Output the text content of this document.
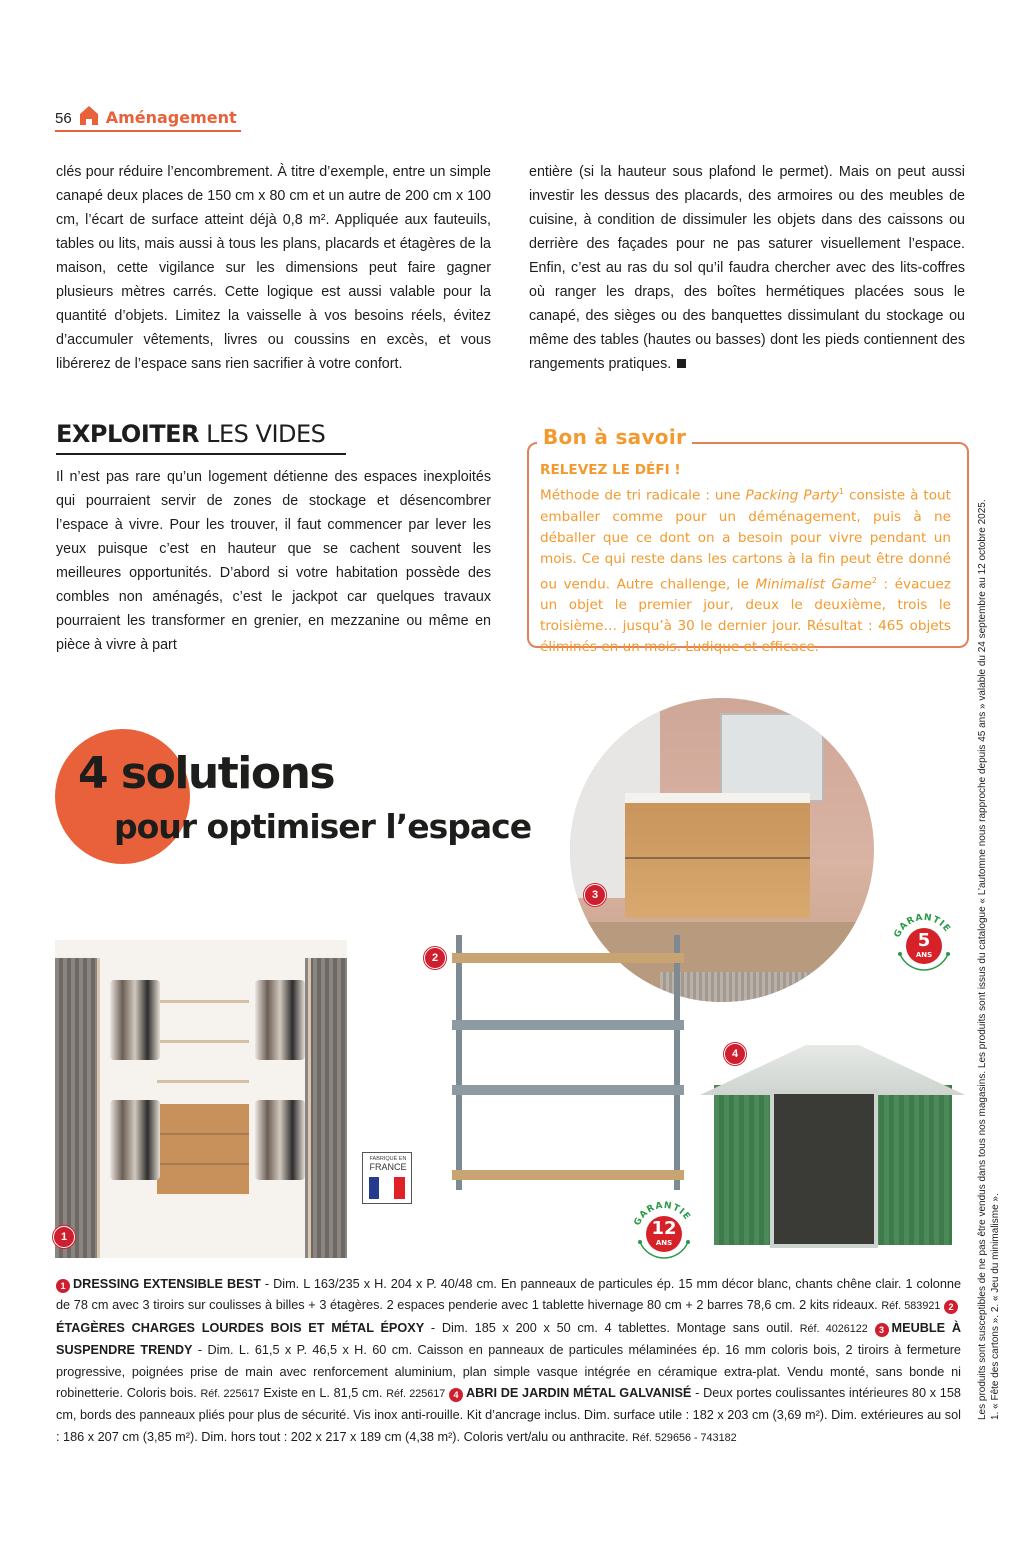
56 Aménagement

clés pour réduire l’encombrement. À titre d’exemple, entre un simple canapé deux places de 150 cm x 80 cm et un autre de 200 cm x 100 cm, l’écart de surface atteint déjà 0,8 m². Appliquée aux fauteuils, tables ou lits, mais aussi à tous les plans, placards et étagères de la maison, cette vigilance sur les dimensions peut faire gagner plusieurs mètres carrés. Cette logique est aussi valable pour la quantité d’objets. Limitez la vaisselle à vos besoins réels, évitez d’accumuler vêtements, livres ou coussins en excès, et vous libérerez de l’espace sans rien sacrifier à votre confort.

EXPLOITER LES VIDES

Il n’est pas rare qu’un logement détienne des espaces inexploités qui pourraient servir de zones de stockage et désencombrer l’espace à vivre. Pour les trouver, il faut commencer par lever les yeux puisque c’est en hauteur que se cachent souvent les meilleures opportunités. D’abord si votre habitation possède des combles non aménagés, c’est le jackpot car quelques travaux pourraient les transformer en grenier, en mezzanine ou même en pièce à vivre à part

entière (si la hauteur sous plafond le permet). Mais on peut aussi investir les dessus des placards, des armoires ou des meubles de cuisine, à condition de dissimuler les objets dans des caissons ou derrière des façades pour ne pas saturer visuellement l’espace. Enfin, c’est au ras du sol qu’il faudra chercher avec des lits-coffres où ranger les draps, des boîtes hermétiques placées sous le canapé, des sièges ou des banquettes dissimulant du stockage ou même des tables (hautes ou basses) dont les pieds contiennent des rangements pratiques.

Bon à savoir
RELEVEZ LE DÉFI !
Méthode de tri radicale : une Packing Party$^1$ consiste à tout emballer comme pour un déménagement, puis à ne déballer que ce dont on a besoin pour vivre pendant un mois. Ce qui reste dans les cartons à la fin peut être donné ou vendu. Autre challenge, le Minimalist Game$^2$ : évacuez un objet le premier jour, deux le deuxième, trois le troisième… jusqu’à 30 le dernier jour. Résultat : 465 objets éliminés en un mois. Ludique et efficace.
4 solutions
pour optimiser l’espace
1
2
3
4
FABRIQUÉ EN
FRANCE
GARANTIE
5
ANS
GARANTIE
12
ANS
1 DRESSING EXTENSIBLE BEST - Dim. L 163/235 x H. 204 x P. 40/48 cm. En panneaux de particules ép. 15 mm décor blanc, chants chêne clair. 1 colonne de 78 cm avec 3 tiroirs sur coulisses à billes + 3 étagères. 2 espaces penderie avec 1 tablette hivernage 80 cm + 2 barres 78,6 cm. 2 kits rideaux. Réf. 583921 2ÉTAGÈRES CHARGES LOURDES BOIS ET MÉTAL ÉPOXY - Dim. 185 x 200 x 50 cm. 4 tablettes. Montage sans outil. Réf. 4026122 3 MEUBLE À SUSPENDRE TRENDY - Dim. L. 61,5 x P. 46,5 x H. 60 cm. Caisson en panneaux de particules mélaminées ép. 16 mm coloris bois, 2 tiroirs à fermeture progressive, poignées prise de main avec renforcement aluminium, plan simple vasque intégrée en céramique extra-plat. Vendu monté, sans bonde ni robinetterie. Coloris bois. Réf. 225617 Existe en L. 81,5 cm. Réf. 225617 4 ABRI DE JARDIN MÉTAL GALVANISÉ - Deux portes coulissantes intérieures 80 x 158 cm, bords des panneaux pliés pour plus de sécurité. Vis inox anti-rouille. Kit d’ancrage inclus. Dim. surface utile : 182 x 203 cm (3,69 m²). Dim. extérieures au sol : 186 x 207 cm (3,85 m²). Dim. hors tout : 202 x 217 x 189 cm (4,38 m²). Coloris vert/alu ou anthracite. Réf. 529656 - 743182
Les produits sont susceptibles de ne pas être vendus dans tous nos magasins. Les produits sont issus du catalogue « L’automne nous rapproche depuis 45 ans » valable du 24 septembre au 12 octobre 2025. 1. « Fête des cartons ». 2. « Jeu du minimalisme ».
